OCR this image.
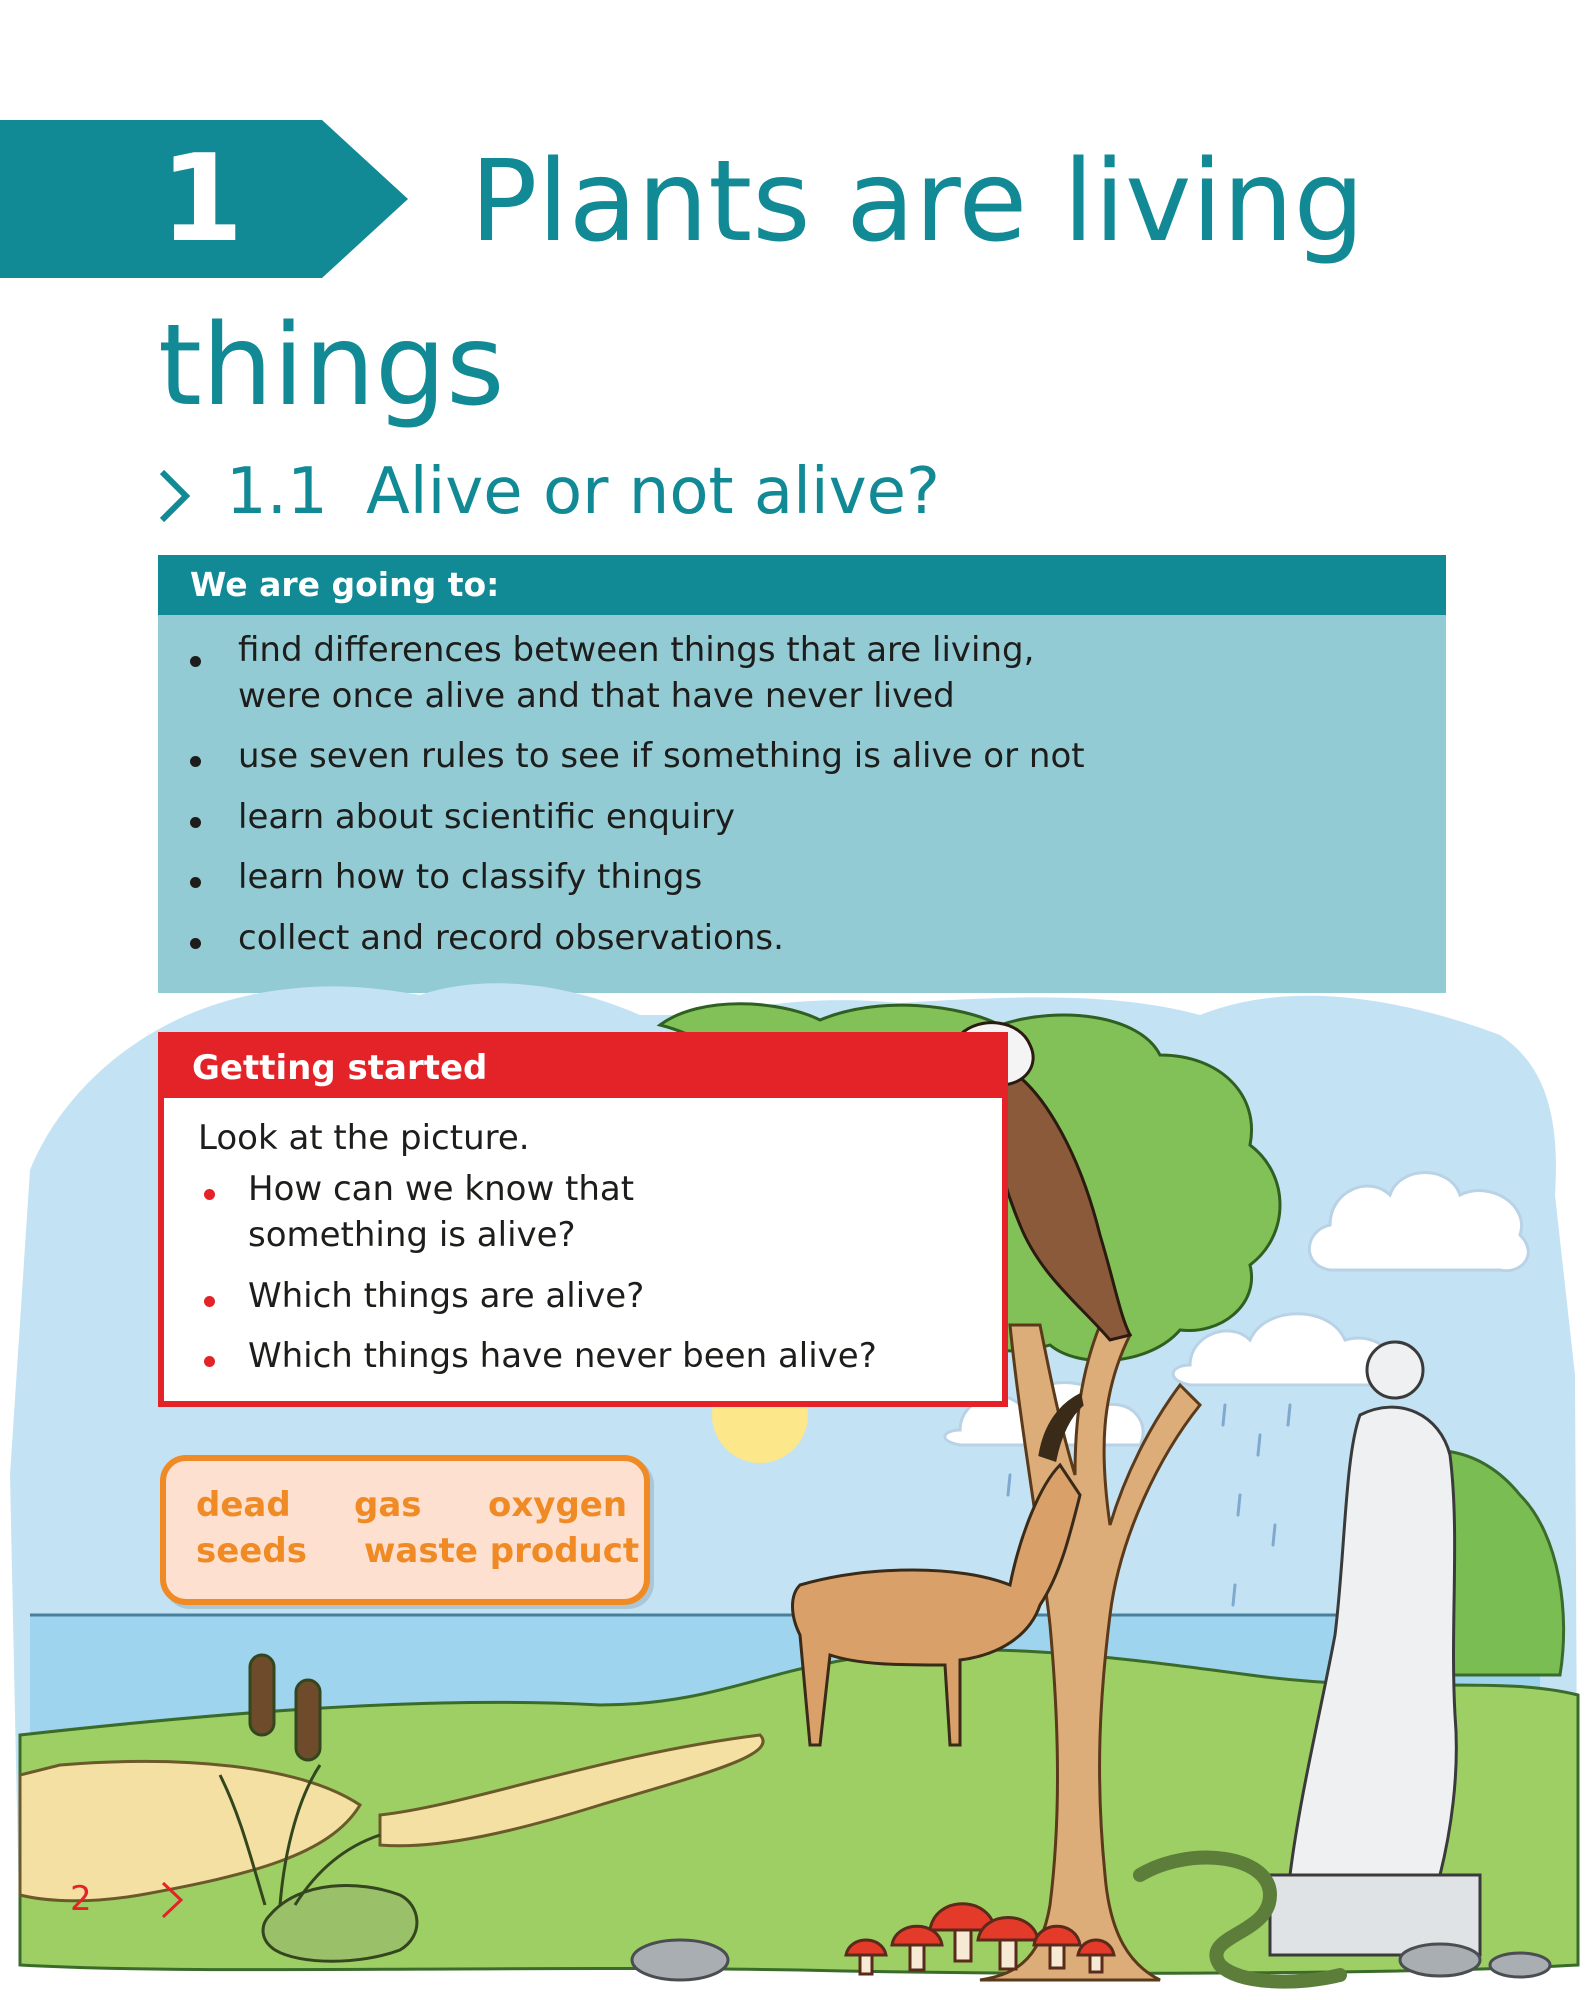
1	Plants are living
things
1.1 Alive or not alive?
We are going to:
find differences between things that are living,
were once alive and that have never lived
use seven rules to see if something is alive or not
learn about scientific enquiry
learn how to classify things
collect and record observations.
Getting started
Look at the picture.
How can we know that
something is alive?
Which things are alive?
Which things have never been alive?
dead gas oxygen
seeds waste product
2
